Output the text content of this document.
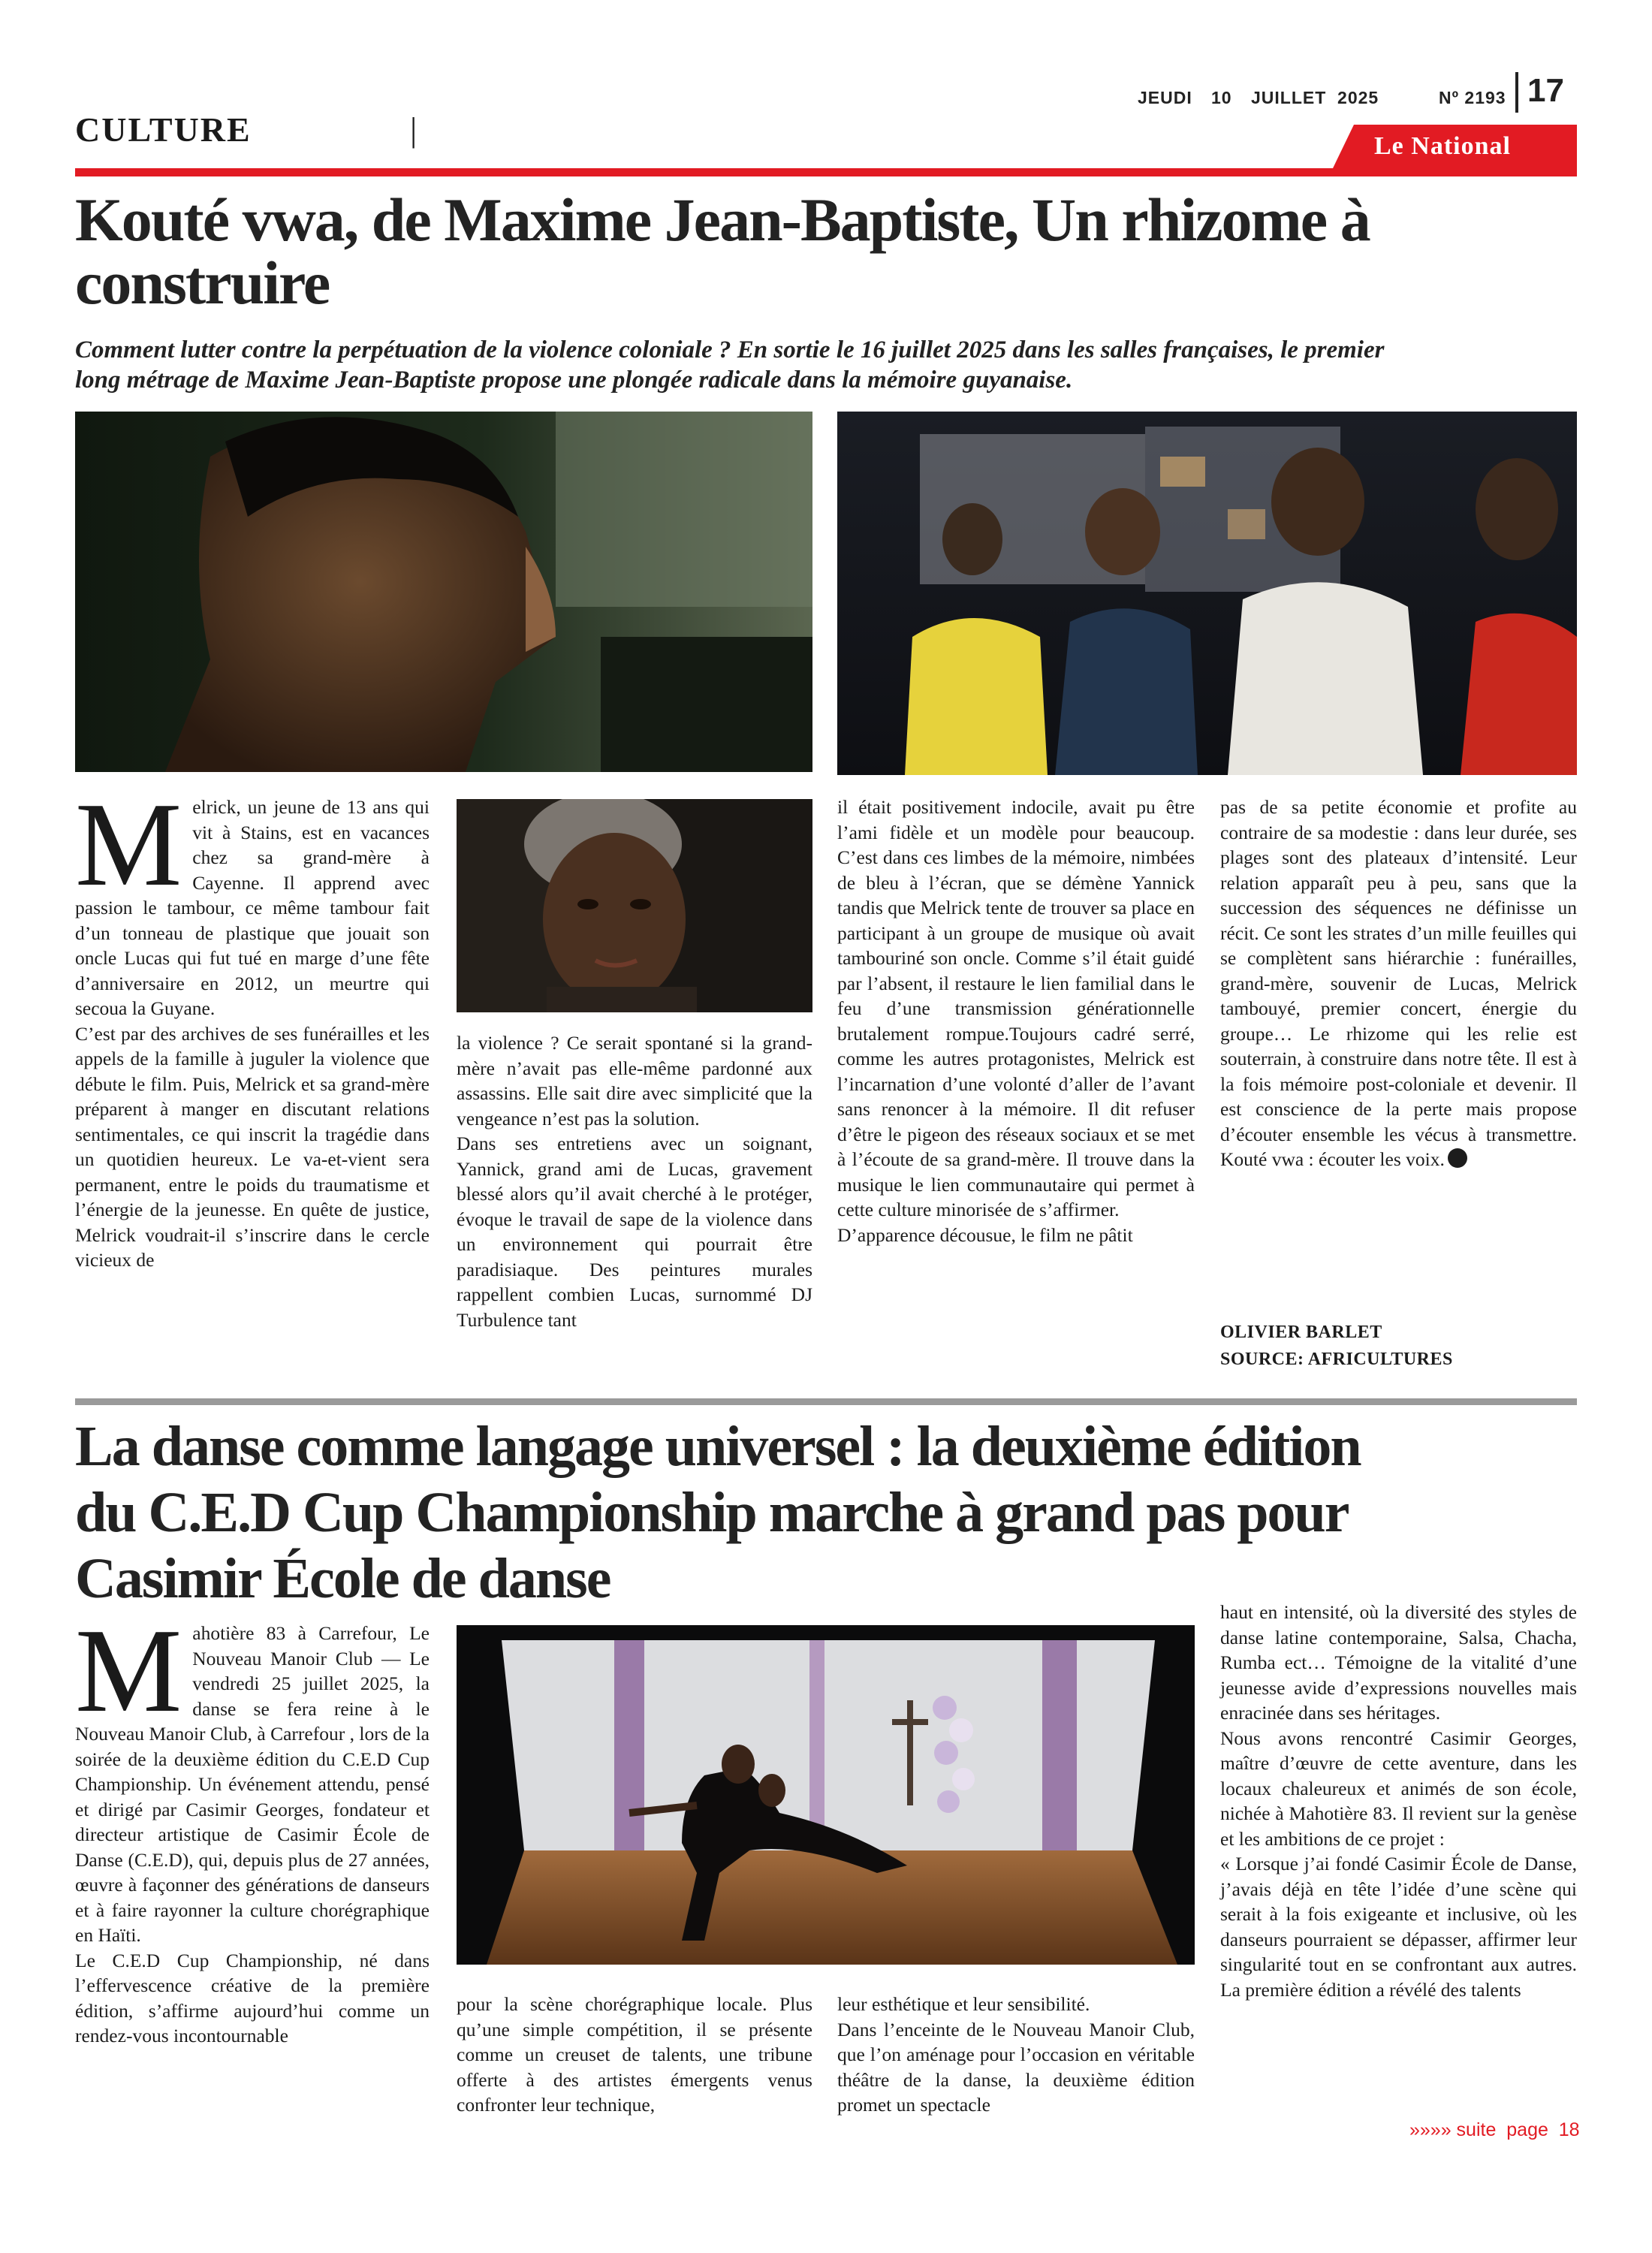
JEUDI 10 JUILLET  2025	Nº 2193 17
CULTURE	|	Le National
Kouté vwa, de Maxime Jean-Baptiste, Un rhizome à
construire
Comment lutter contre la perpétuation de la violence coloniale ? En sortie le 16 juillet 2025 dans les salles françaises, le premier
long métrage de Maxime Jean-Baptiste propose une plongée radicale dans la mémoire guyanaise.
M elrick, un jeune de 13 ans qui vit à Stains, est en vacances chez sa grand-mère à Cayenne. Il apprend avec passion le tambour, ce même tambour fait d’un tonneau de plastique que jouait son oncle Lucas qui fut tué en marge d’une fête d’anniversaire en 2012, un meurtre qui secoua la Guyane.

C’est par des archives de ses funérailles et les appels de la famille à juguler la violence que débute le film. Puis, Melrick et sa grand-mère préparent à manger en discutant relations sentimentales, ce qui inscrit la tragédie dans un quotidien heureux. Le va-et-vient sera permanent, entre le poids du traumatisme et l’énergie de la jeunesse. En quête de justice, Melrick voudrait-il s’inscrire dans le cercle vicieux de

la violence ? Ce serait spontané si la grand-mère n’avait pas elle-même pardonné aux assassins. Elle sait dire avec simplicité que la vengeance n’est pas la solution.

Dans ses entretiens avec un soignant, Yannick, grand ami de Lucas, gravement blessé alors qu’il avait cherché à le protéger, évoque le travail de sape de la violence dans un environnement qui pourrait être paradisiaque. Des peintures murales rappellent combien Lucas, surnommé DJ Turbulence tant

il était positivement indocile, avait pu être l’ami fidèle et un modèle pour beaucoup. C’est dans ces limbes de la mémoire, nimbées de bleu à l’écran, que se démène Yannick tandis que Melrick tente de trouver sa place en participant à un groupe de musique où avait tambouriné son oncle. Comme s’il était guidé par l’absent, il restaure le lien familial dans le feu d’une transmission générationnelle brutalement rompue.Toujours cadré serré, comme les autres protagonistes, Melrick est l’incarnation d’une volonté d’aller de l’avant sans renoncer à la mémoire. Il dit refuser d’être le pigeon des réseaux sociaux et se met à l’écoute de sa grand-mère. Il trouve dans la musique le lien communautaire qui permet à cette culture minorisée de s’affirmer.

D’apparence décousue, le film ne pâtit

pas de sa petite économie et profite au contraire de sa modestie : dans leur durée, ses plages sont des plateaux d’intensité. Leur relation apparaît peu à peu, sans que la succession des séquences ne définisse un récit. Ce sont les strates d’un mille feuilles qui se complètent sans hiérarchie : funérailles, grand-mère, souvenir de Lucas, Melrick tambouyé, premier concert, énergie du groupe… Le rhizome qui les relie est souterrain, à construire dans notre tête. Il est à la fois mémoire post-coloniale et devenir. Il est conscience de la perte mais propose d’écouter ensemble les vécus à transmettre. Kouté vwa : écouter les voix.

OLIVIER BARLET
SOURCE: AFRICULTURES
La danse comme langage universel : la deuxième édition
du C.E.D Cup Championship marche à grand pas pour
Casimir École de danse
M ahotière 83 à Carrefour, Le Nouveau Manoir Club — Le vendredi 25 juillet 2025, la danse se fera reine à le Nouveau Manoir Club, à Carrefour , lors de la soirée de la deuxième édition du C.E.D Cup Championship. Un événement attendu, pensé et dirigé par Casimir Georges, fondateur et directeur artistique de Casimir École de Danse (C.E.D), qui, depuis plus de 27 années, œuvre à façonner des générations de danseurs et à faire rayonner la culture chorégraphique en Haïti.

Le C.E.D Cup Championship, né dans l’effervescence créative de la première édition, s’affirme aujourd’hui comme un rendez-vous incontournable

pour la scène chorégraphique locale. Plus qu’une simple compétition, il se présente comme un creuset de talents, une tribune offerte à des artistes émergents venus confronter leur technique,

leur esthétique et leur sensibilité.

Dans l’enceinte de le Nouveau Manoir Club, que l’on aménage pour l’occasion en véritable théâtre de la danse, la deuxième édition promet un spectacle

haut en intensité, où la diversité des styles de danse latine contemporaine, Salsa, Chacha, Rumba ect… Témoigne de la vitalité d’une jeunesse avide d’expressions nouvelles mais enracinée dans ses héritages.

Nous avons rencontré Casimir Georges, maître d’œuvre de cette aventure, dans les locaux chaleureux et animés de son école, nichée à Mahotière 83. Il revient sur la genèse et les ambitions de ce projet :

« Lorsque j’ai fondé Casimir École de Danse, j’avais déjà en tête l’idée d’une scène qui serait à la fois exigeante et inclusive, où les danseurs pourraient se dépasser, affirmer leur singularité tout en se confrontant aux autres. La première édition a révélé des talents

»»»» suite  page  18
